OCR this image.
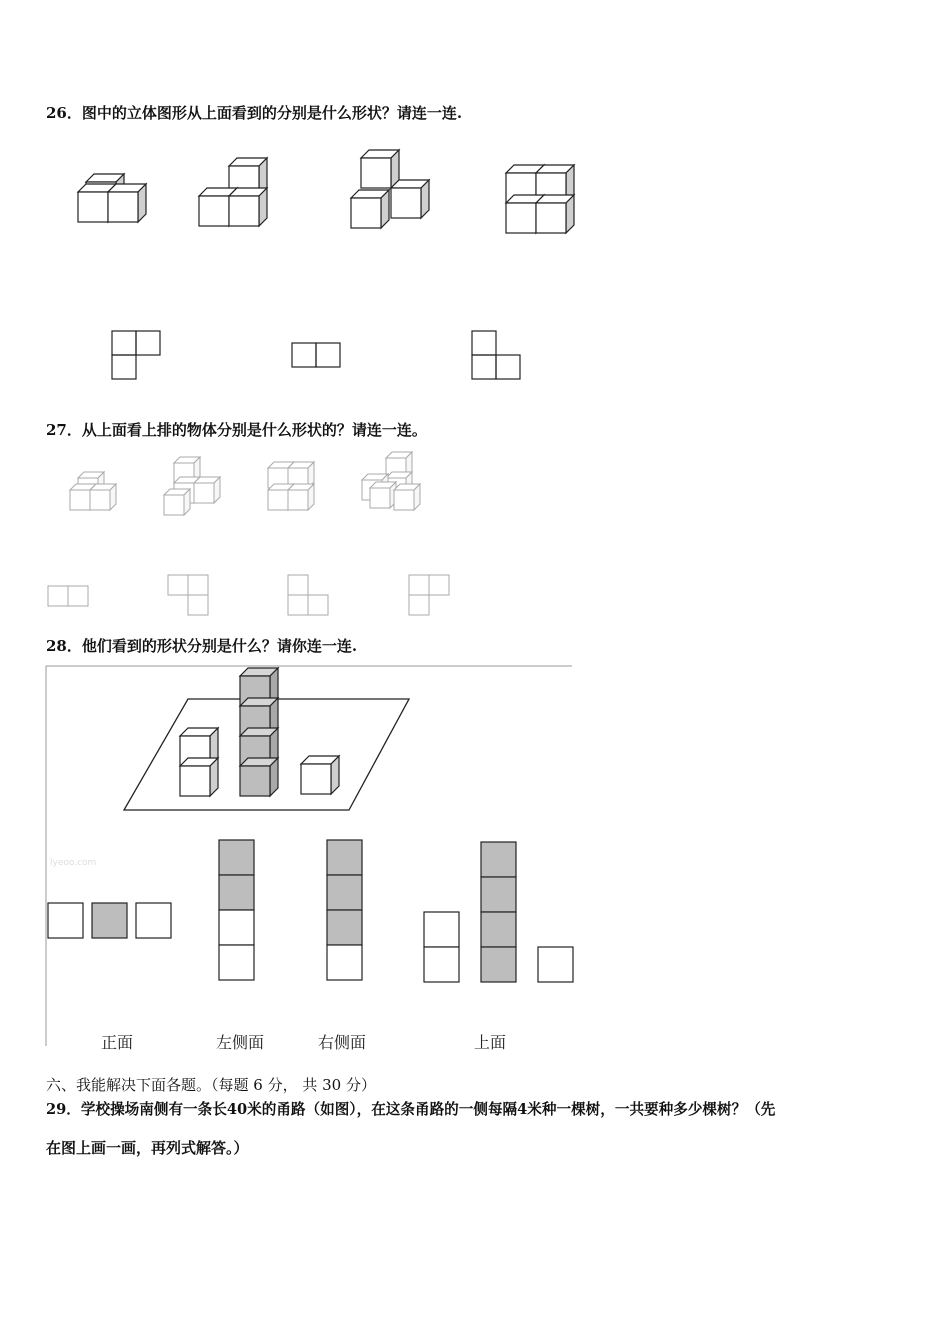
26．图中的立体图形从上面看到的分别是什么形状？请连一连.
27．从上面看上排的物体分别是什么形状的？请连一连。
28．他们看到的形状分别是什么？请你连一连.
lyeoo.com
正面	左侧面	右侧面	上面
六、我能解决下面各题。（每题 6 分， 共 30 分）
29．学校操场南侧有一条长40米的甬路（如图），在这条甬路的一侧每隔4米种一棵树，一共要种多少棵树？（先
在图上画一画，再列式解答。）
